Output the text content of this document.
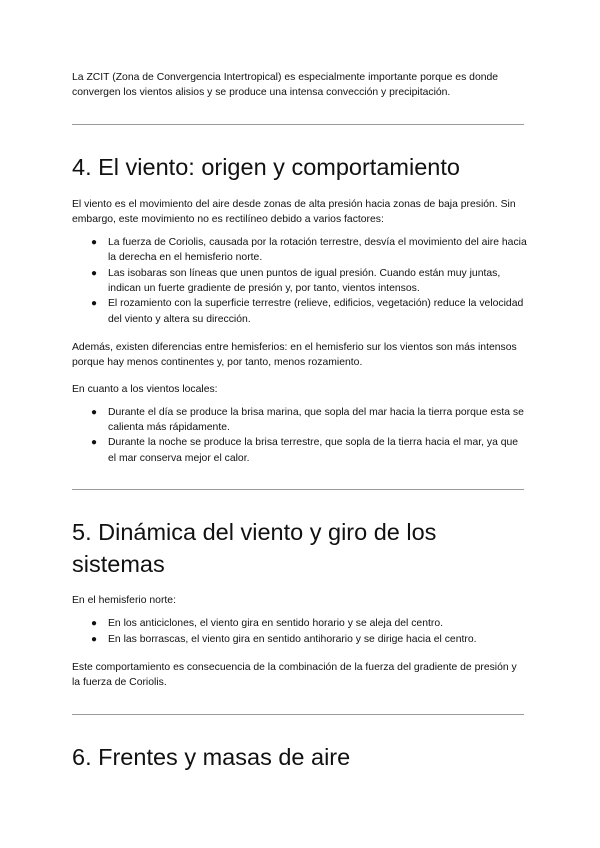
La ZCIT (Zona de Convergencia Intertropical) es especialmente importante porque es donde convergen los vientos alisios y se produce una intensa convección y precipitación.

4. El viento: origen y comportamiento

El viento es el movimiento del aire desde zonas de alta presión hacia zonas de baja presión. Sin embargo, este movimiento no es rectilíneo debido a varios factores:

● La fuerza de Coriolis, causada por la rotación terrestre, desvía el movimiento del aire hacia la derecha en el hemisferio norte.
● Las isobaras son líneas que unen puntos de igual presión. Cuando están muy juntas, indican un fuerte gradiente de presión y, por tanto, vientos intensos.
● El rozamiento con la superficie terrestre (relieve, edificios, vegetación) reduce la velocidad del viento y altera su dirección.

Además, existen diferencias entre hemisferios: en el hemisferio sur los vientos son más intensos porque hay menos continentes y, por tanto, menos rozamiento.

En cuanto a los vientos locales:

● Durante el día se produce la brisa marina, que sopla del mar hacia la tierra porque esta se calienta más rápidamente.
● Durante la noche se produce la brisa terrestre, que sopla de la tierra hacia el mar, ya que el mar conserva mejor el calor.
5. Dinámica del viento y giro de los sistemas

En el hemisferio norte:

● En los anticiclones, el viento gira en sentido horario y se aleja del centro.
● En las borrascas, el viento gira en sentido antihorario y se dirige hacia el centro.

Este comportamiento es consecuencia de la combinación de la fuerza del gradiente de presión y la fuerza de Coriolis.

6. Frentes y masas de aire
